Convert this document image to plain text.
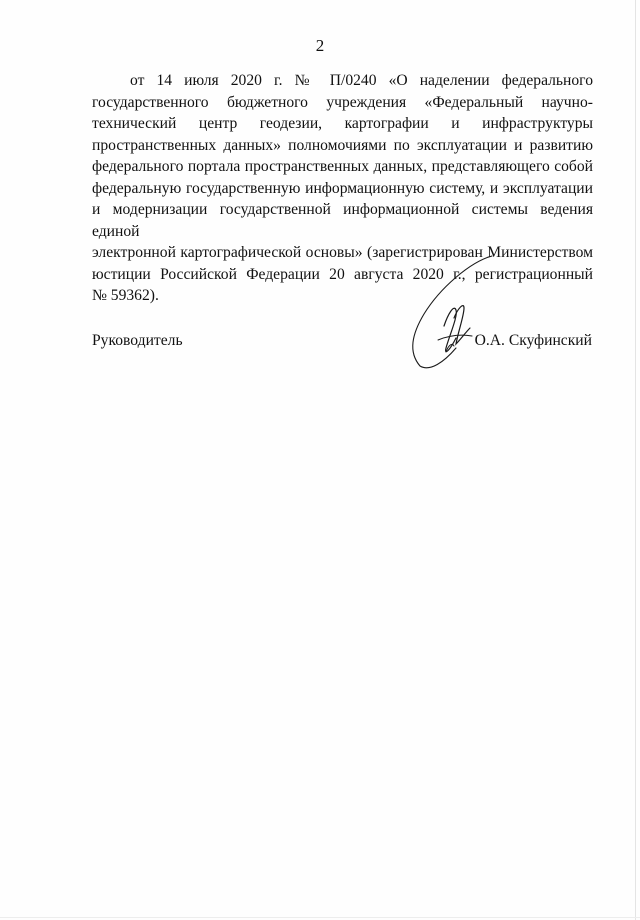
2

от 14 июля 2020 г. № П/0240 «О наделении федерального
государственного бюджетного учреждения «Федеральный научно-
технический центр геодезии, картографии и инфраструктуры
пространственных данных» полномочиями по эксплуатации и развитию
федерального портала пространственных данных, представляющего собой
федеральную государственную информационную систему, и эксплуатации
и модернизации государственной информационной системы ведения единой
электронной картографической основы» (зарегистрирован Министерством
юстиции Российской Федерации 20 августа 2020 г., регистрационный
№ 59362).

Руководитель	О.А. Скуфинский
